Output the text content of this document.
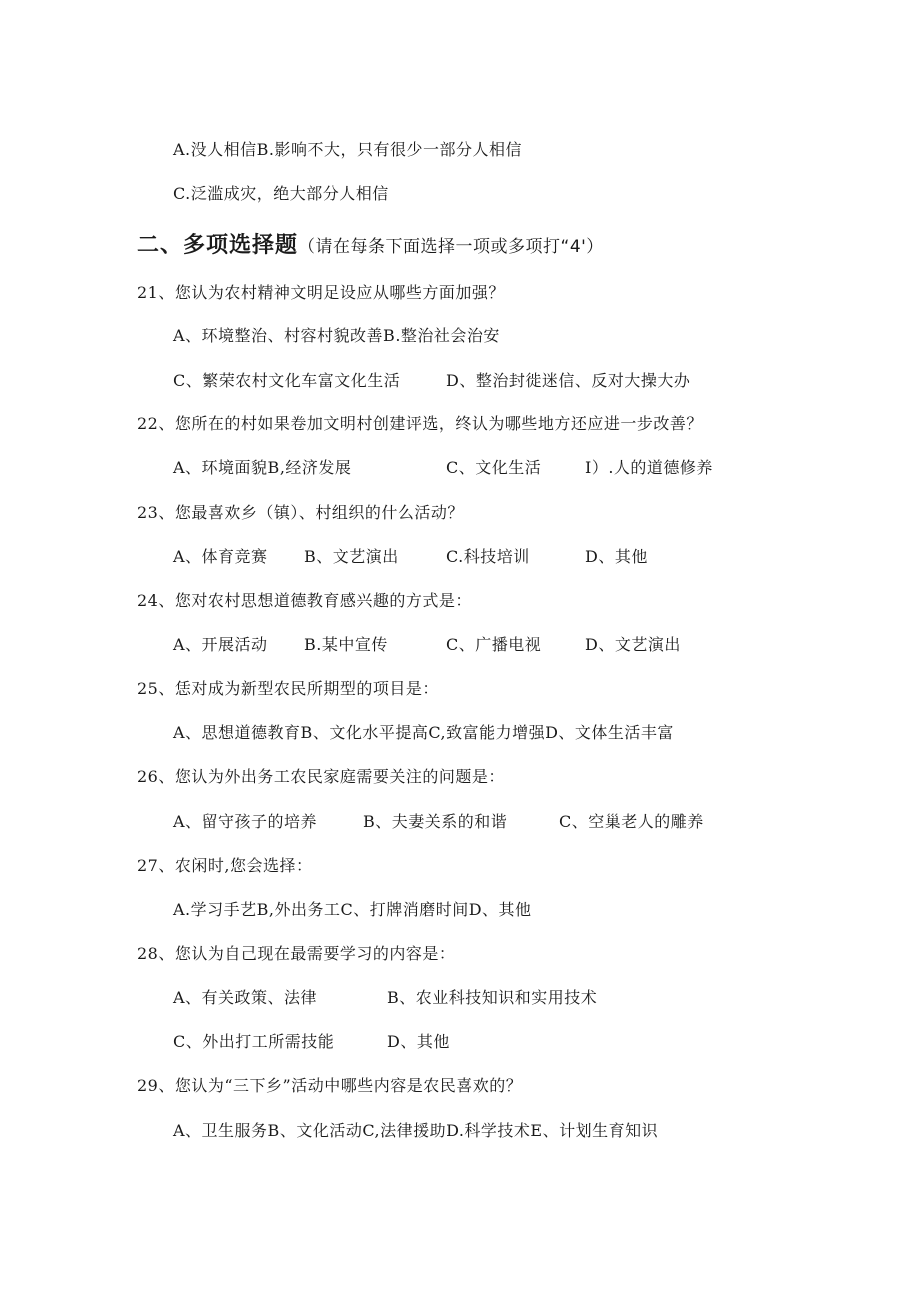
A.没人相信B.影响不大，只有很少一部分人相信
C.泛滥成灾，绝大部分人相信
二、多项选择题（请在每条下面选择一项或多项打“4'）
21、您认为农村精神文明足设应从哪些方面加强？
A、环境整治、村容村貌改善B.整治社会治安
C、繁荣农村文化车富文化生活	D、整治封徙迷信、反对大操大办
22、您所在的村如果卷加文明村创建评选，终认为哪些地方还应进一步改善？
A、环境面貌B,经济发展	C、文化生活	I）.人的道德修养
23、您最喜欢乡（镇）、村组织的什么活动？
A、体育竞赛 B、文艺演出	C.科技培训	D、其他
24、您对农村思想道德教育感兴趣的方式是：
A、开展活动 B.某中宣传	C、广播电视	D、文艺演出
25、恁对成为新型农民所期型的项目是：
A、思想道德教育B、文化水平提高C,致富能力增强D、文体生活丰富
26、您认为外出务工农民家庭需要关注的问题是：
A、留守孩子的培养	B、夫妻关系的和谐	C、空巢老人的雕养
27、农闲时,您会选择：
A.学习手艺B,外出务工C、打牌消磨时间D、其他
28、您认为自己现在最需要学习的内容是：
A、有关政策、法律	B、农业科技知识和实用技术
C、外出打工所需技能	D、其他
29、您认为“三下乡”活动中哪些内容是农民喜欢的？
A、卫生服务B、文化活动C,法律援助D.科学技术E、计划生育知识
